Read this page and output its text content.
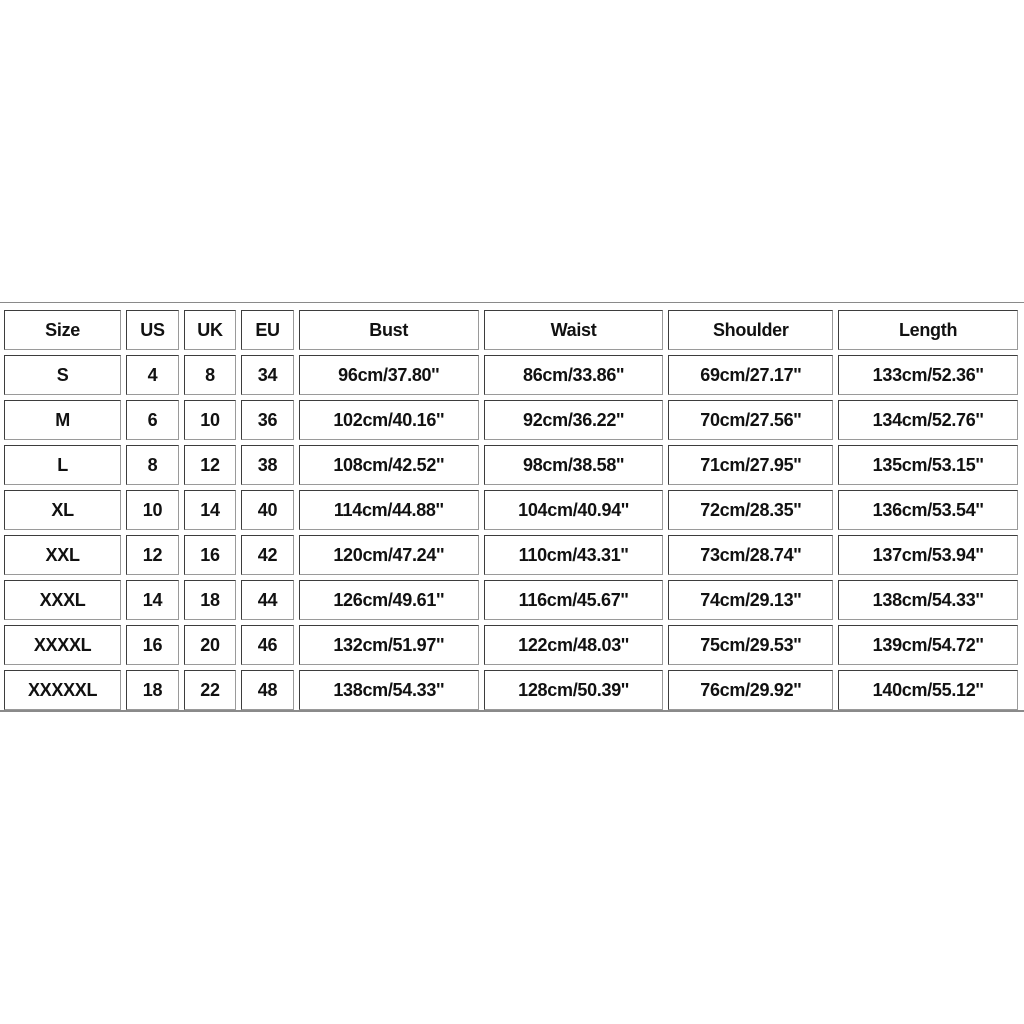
Size	US	UK	EU	Bust	Waist	Shoulder	Length
S	4	8	34	96cm/37.80''	86cm/33.86''	69cm/27.17''	133cm/52.36''
M	6	10	36	102cm/40.16''	92cm/36.22''	70cm/27.56''	134cm/52.76''
L	8	12	38	108cm/42.52''	98cm/38.58''	71cm/27.95''	135cm/53.15''
XL	10	14	40	114cm/44.88''	104cm/40.94''	72cm/28.35''	136cm/53.54''
XXL	12	16	42	120cm/47.24''	110cm/43.31''	73cm/28.74''	137cm/53.94''
XXXL	14	18	44	126cm/49.61''	116cm/45.67''	74cm/29.13''	138cm/54.33''
XXXXL	16	20	46	132cm/51.97''	122cm/48.03''	75cm/29.53''	139cm/54.72''
XXXXXL	18	22	48	138cm/54.33''	128cm/50.39''	76cm/29.92''	140cm/55.12''
